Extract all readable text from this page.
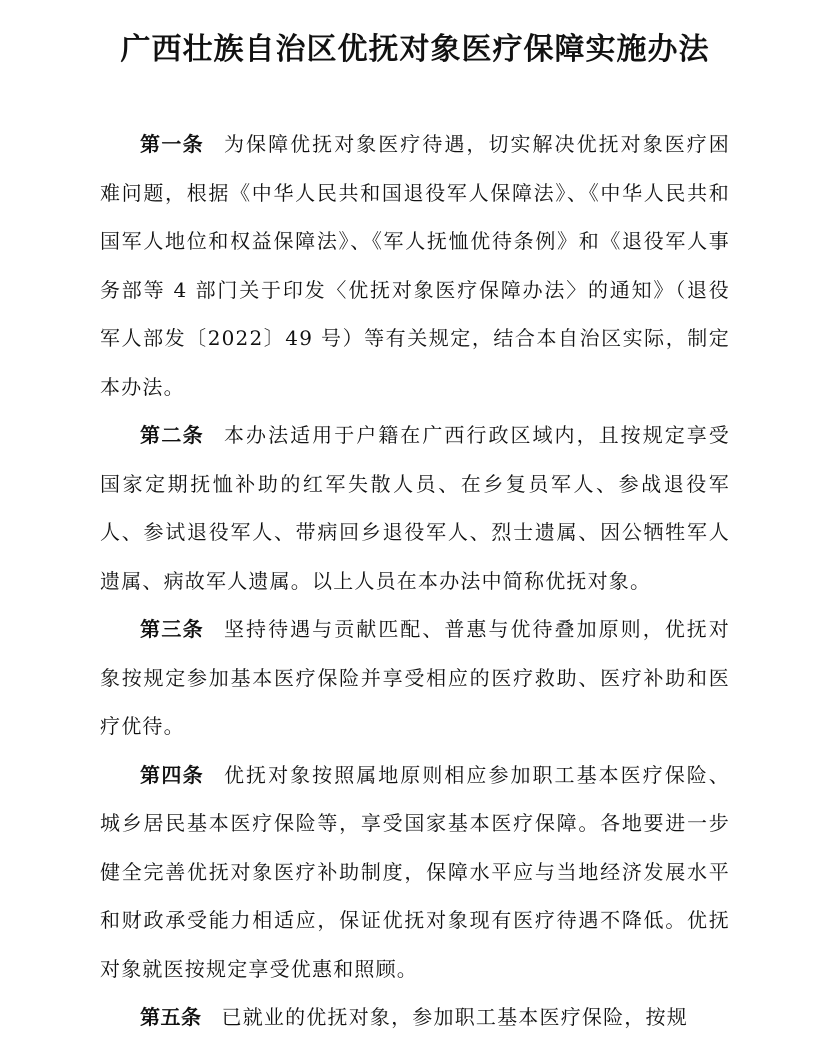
广西壮族自治区优抚对象医疗保障实施办法

第一条 为保障优抚对象医疗待遇，切实解决优抚对象医疗困难问题，根据《中华人民共和国退役军人保障法》、《中华人民共和国军人地位和权益保障法》、《军人抚恤优待条例》和《退役军人事务部等 4 部门关于印发〈优抚对象医疗保障办法〉的通知》（退役军人部发〔2022〕49 号）等有关规定，结合本自治区实际，制定本办法。

第二条 本办法适用于户籍在广西行政区域内，且按规定享受国家定期抚恤补助的红军失散人员、在乡复员军人、参战退役军人、参试退役军人、带病回乡退役军人、烈士遗属、因公牺牲军人遗属、病故军人遗属。以上人员在本办法中简称优抚对象。

第三条 坚持待遇与贡献匹配、普惠与优待叠加原则，优抚对象按规定参加基本医疗保险并享受相应的医疗救助、医疗补助和医疗优待。

第四条 优抚对象按照属地原则相应参加职工基本医疗保险、城乡居民基本医疗保险等，享受国家基本医疗保障。各地要进一步健全完善优抚对象医疗补助制度，保障水平应与当地经济发展水平和财政承受能力相适应，保证优抚对象现有医疗待遇不降低。优抚对象就医按规定享受优惠和照顾。

第五条 已就业的优抚对象，参加职工基本医疗保险，按规
